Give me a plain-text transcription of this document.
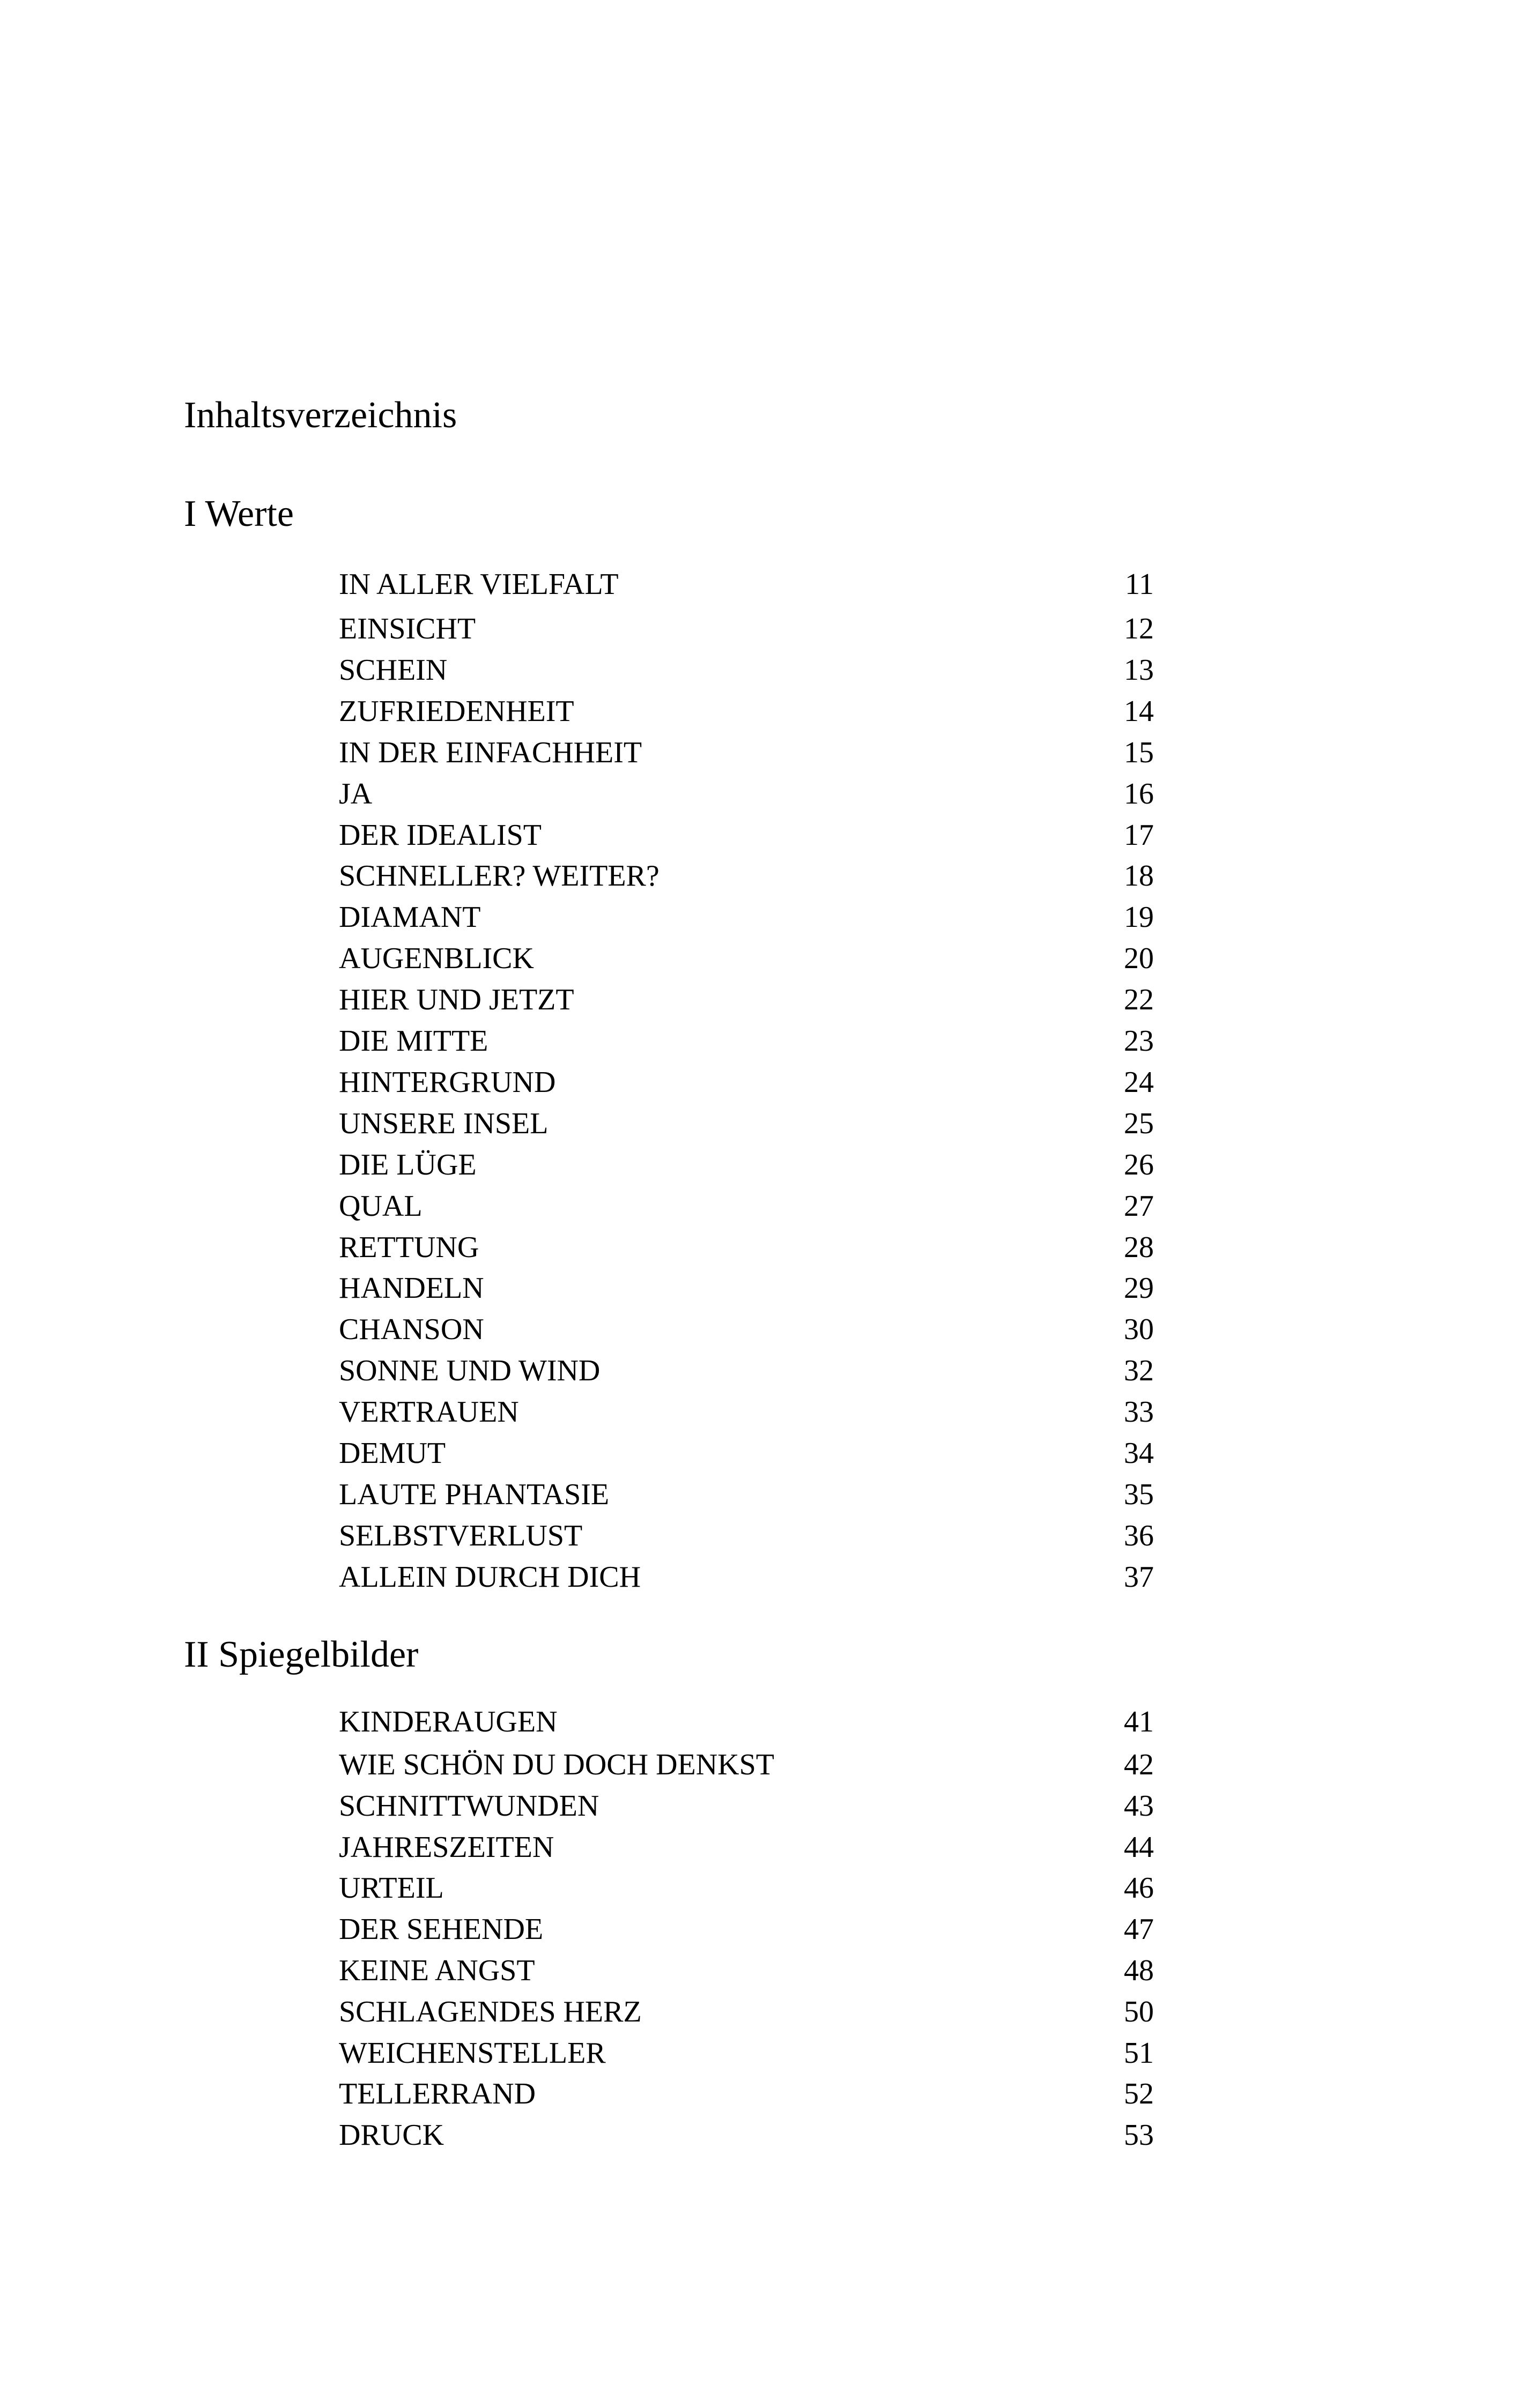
Inhaltsverzeichnis
I Werte
II Spiegelbilder
IN ALLER VIELFALT	11
EINSICHT	12
SCHEIN	13
ZUFRIEDENHEIT	14
IN DER EINFACHHEIT	15
JA	16
DER IDEALIST	17
SCHNELLER? WEITER?	18
DIAMANT	19
AUGENBLICK	20
HIER UND JETZT	22
DIE MITTE	23
HINTERGRUND	24
UNSERE INSEL	25
DIE LÜGE	26
QUAL	27
RETTUNG	28
HANDELN	29
CHANSON	30
SONNE UND WIND	32
VERTRAUEN	33
DEMUT	34
LAUTE PHANTASIE	35
SELBSTVERLUST	36
ALLEIN DURCH DICH	37
KINDERAUGEN	41
WIE SCHÖN DU DOCH DENKST	42
SCHNITTWUNDEN	43
JAHRESZEITEN	44
URTEIL	46
DER SEHENDE	47
KEINE ANGST	48
SCHLAGENDES HERZ	50
WEICHENSTELLER	51
TELLERRAND	52
DRUCK	53
